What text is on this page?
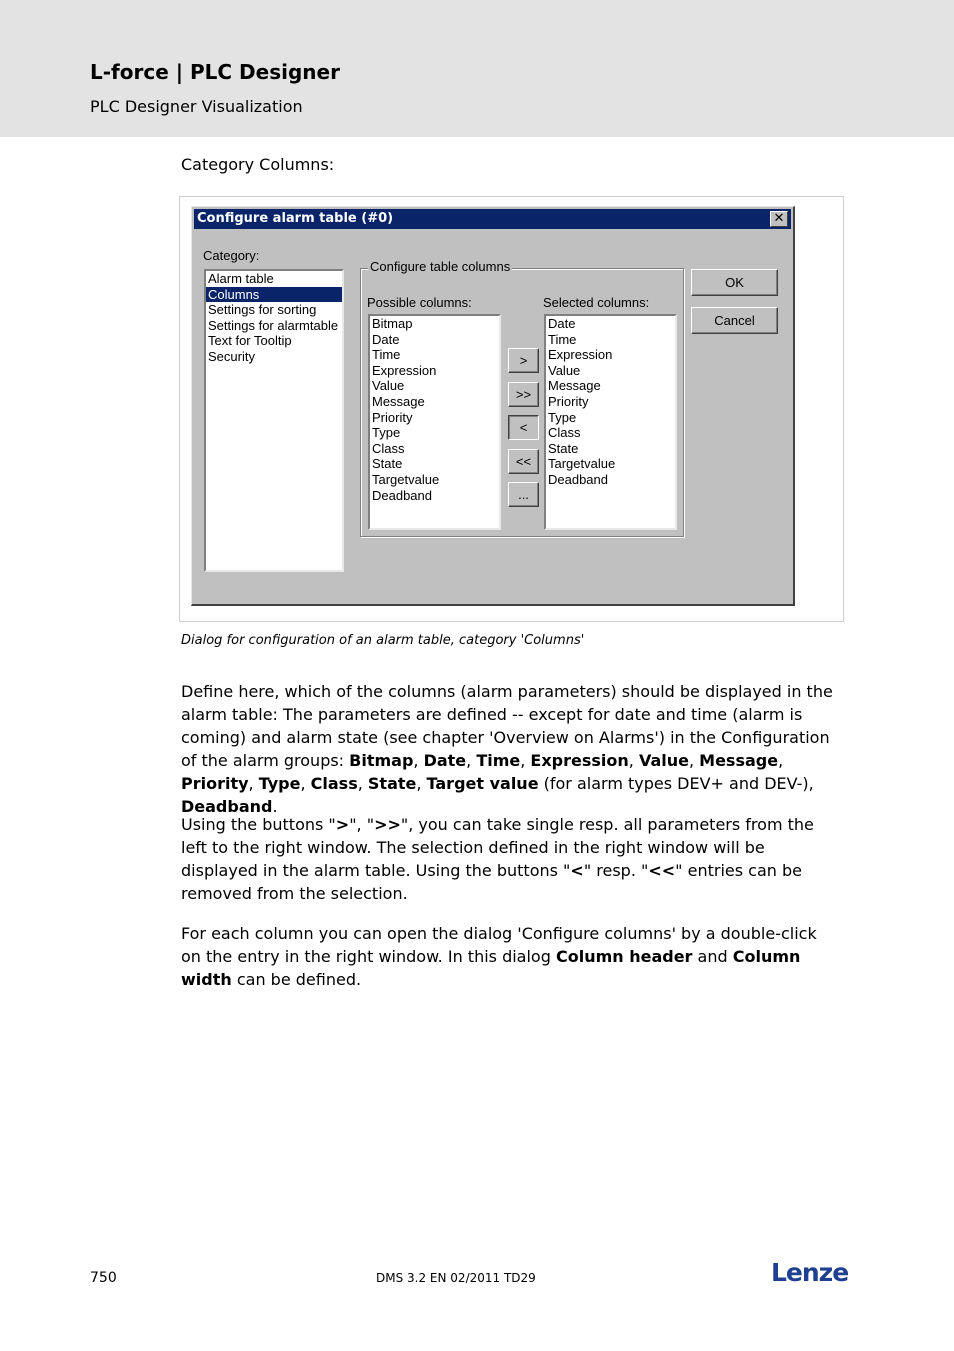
L-force | PLC Designer
PLC Designer Visualization
Category Columns:
Configure alarm table (#0)	✕
Category:
Alarm table
Columns
Settings for sorting
Settings for alarmtable
Text for Tooltip
Security
Configure table columns
Possible columns:
Bitmap
Date
Time
Expression
Value
Message
Priority
Type
Class
State
Targetvalue
Deadband
Selected columns:
Date
Time
Expression
Value
Message
Priority
Type
Class
State
Targetvalue
Deadband
>
>>
<
<<
...
OK
Cancel
Dialog for configuration of an alarm table, category 'Columns'
Define here, which of the columns (alarm parameters) should be displayed in the alarm table: The parameters are defined -- except for date and time (alarm is coming) and alarm state (see chapter 'Overview on Alarms') in the Configuration of the alarm groups: Bitmap, Date, Time, Expression, Value, Message, Priority, Type, Class, State, Target value (for alarm types DEV+ and DEV-), Deadband.
Using the buttons ">", ">>", you can take single resp. all parameters from the left to the right window. The selection defined in the right window will be displayed in the alarm table. Using the buttons "<" resp. "<<" entries can be removed from the selection.
For each column you can open the dialog 'Configure columns' by a double-click on the entry in the right window. In this dialog Column header and Column width can be defined.
750	DMS 3.2 EN 02/2011 TD29	Lenze
